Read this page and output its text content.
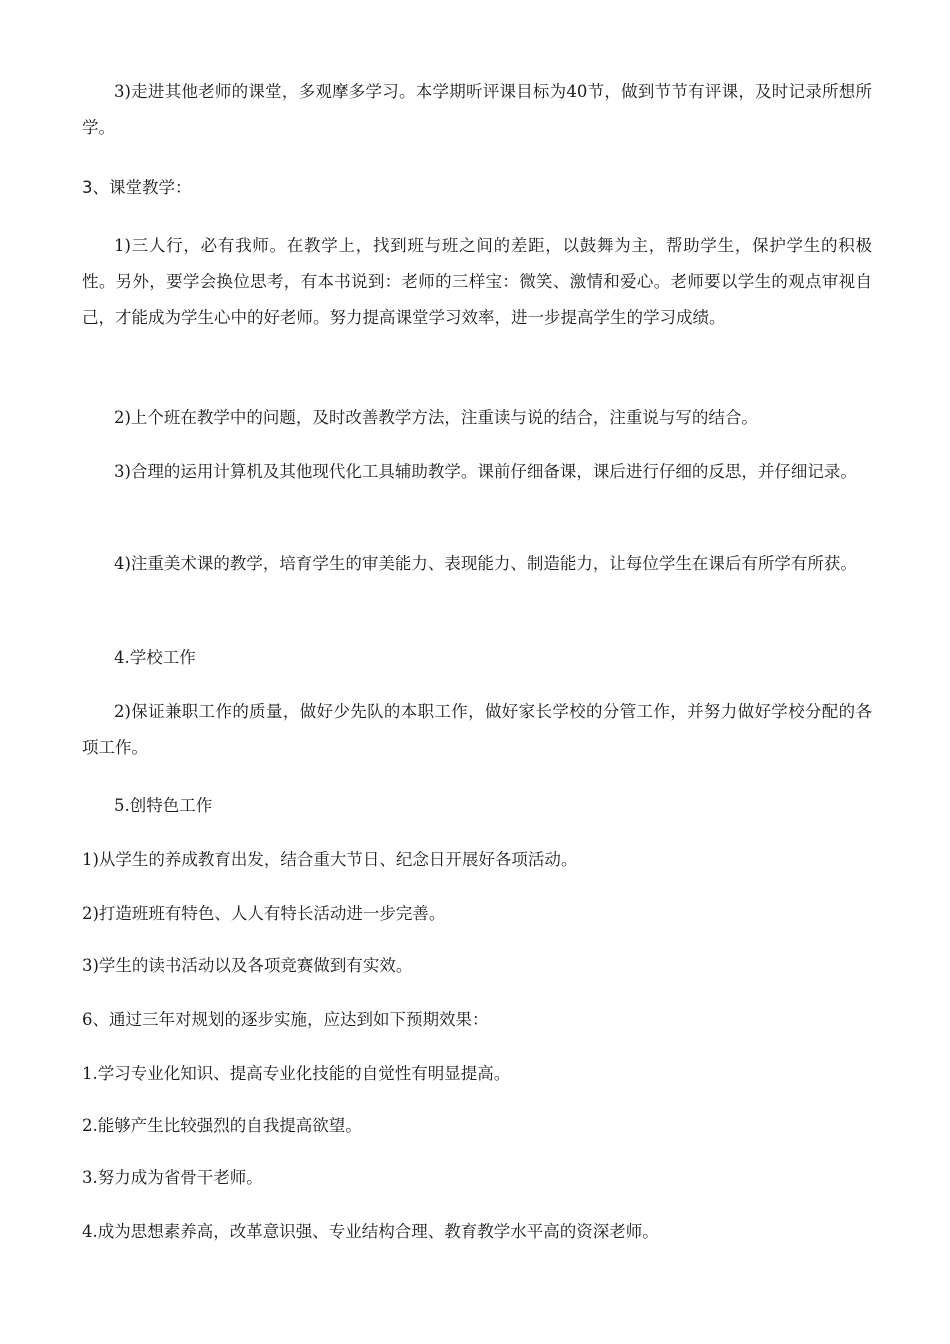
3)走进其他老师的课堂，多观摩多学习。本学期听评课目标为40节，做到节节有评课，及时记录所想所学。

3、课堂教学：

1)三人行，必有我师。在教学上，找到班与班之间的差距，以鼓舞为主，帮助学生，保护学生的积极性。另外，要学会换位思考，有本书说到：老师的三样宝：微笑、激情和爱心。老师要以学生的观点审视自己，才能成为学生心中的好老师。努力提高课堂学习效率，进一步提高学生的学习成绩。

2)上个班在教学中的问题，及时改善教学方法，注重读与说的结合，注重说与写的结合。

3)合理的运用计算机及其他现代化工具辅助教学。课前仔细备课，课后进行仔细的反思，并仔细记录。

4)注重美术课的教学，培育学生的审美能力、表现能力、制造能力，让每位学生在课后有所学有所获。

4.学校工作

2)保证兼职工作的质量，做好少先队的本职工作，做好家长学校的分管工作，并努力做好学校分配的各项工作。

5.创特色工作

1)从学生的养成教育出发，结合重大节日、纪念日开展好各项活动。

2)打造班班有特色、人人有特长活动进一步完善。

3)学生的读书活动以及各项竞赛做到有实效。

6、通过三年对规划的逐步实施，应达到如下预期效果：

1.学习专业化知识、提高专业化技能的自觉性有明显提高。

2.能够产生比较强烈的自我提高欲望。

3.努力成为省骨干老师。

4.成为思想素养高，改革意识强、专业结构合理、教育教学水平高的资深老师。
